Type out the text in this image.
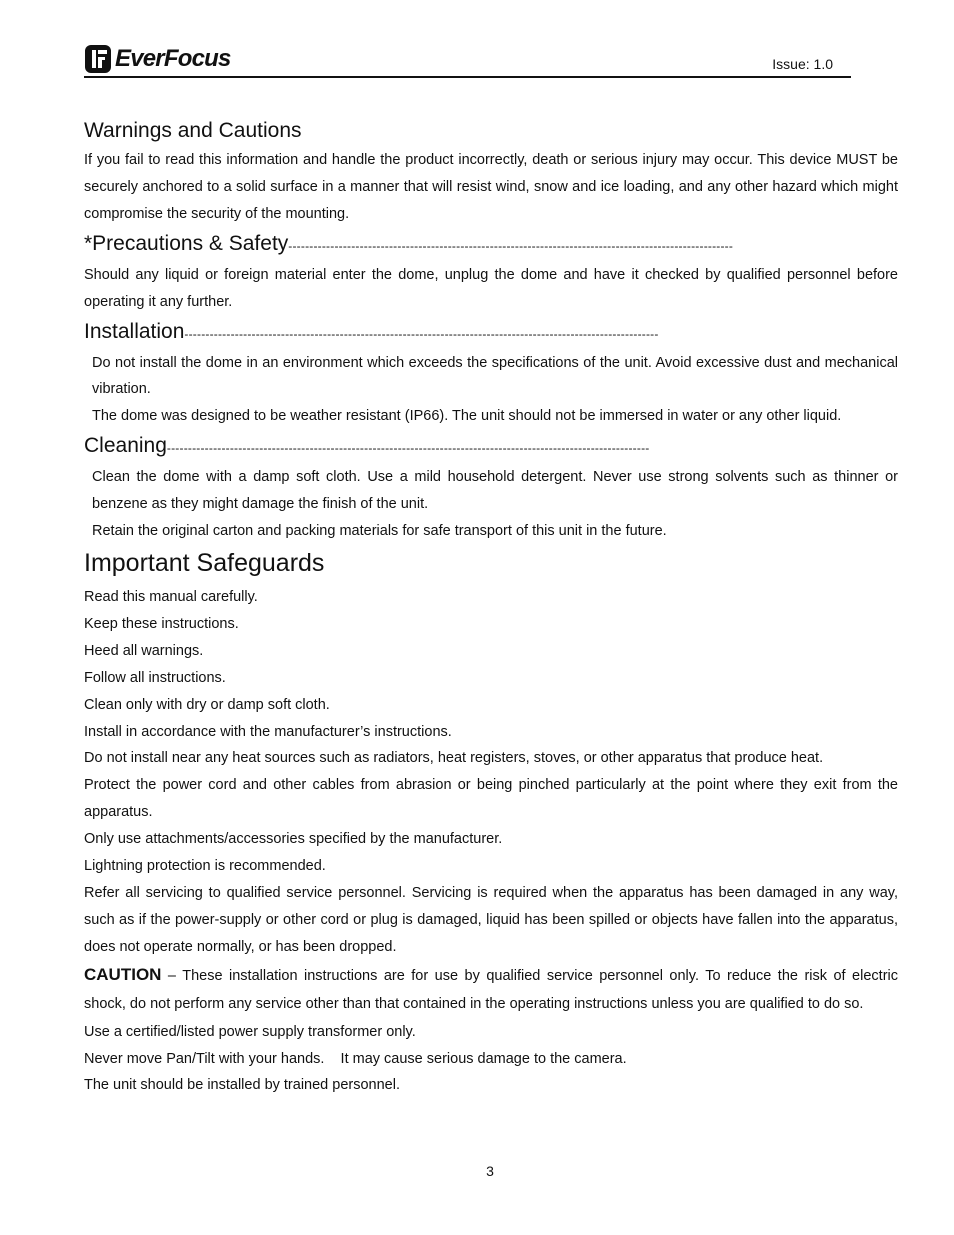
EverFocus	Issue: 1.0
Warnings and Cautions

If you fail to read this information and handle the product incorrectly, death or serious injury may occur. This device MUST be securely anchored to a solid surface in a manner that will resist wind, snow and ice loading, and any other hazard which might compromise the security of the mounting.

*Precautions & Safety----------------------------------------------------------------------------------------------------------

Should any liquid or foreign material enter the dome, unplug the dome and have it checked by qualified personnel before operating it any further.

Installation-----------------------------------------------------------------------------------------------------------------

Do not install the dome in an environment which exceeds the specifications of the unit. Avoid excessive dust and mechanical vibration.

The dome was designed to be weather resistant (IP66). The unit should not be immersed in water or any other liquid.

Cleaning-------------------------------------------------------------------------------------------------------------------

Clean the dome with a damp soft cloth. Use a mild household detergent. Never use strong solvents such as thinner or benzene as they might damage the finish of the unit.

Retain the original carton and packing materials for safe transport of this unit in the future.

Important Safeguards

Read this manual carefully.

Keep these instructions.

Heed all warnings.

Follow all instructions.

Clean only with dry or damp soft cloth.

Install in accordance with the manufacturer’s instructions.

Do not install near any heat sources such as radiators, heat registers, stoves, or other apparatus that produce heat.

Protect the power cord and other cables from abrasion or being pinched particularly at the point where they exit from the apparatus.

Only use attachments/accessories specified by the manufacturer.

Lightning protection is recommended.

Refer all servicing to qualified service personnel. Servicing is required when the apparatus has been damaged in any way, such as if the power-supply or other cord or plug is damaged, liquid has been spilled or objects have fallen into the apparatus, does not operate normally, or has been dropped.

CAUTION – These installation instructions are for use by qualified service personnel only. To reduce the risk of electric shock, do not perform any service other than that contained in the operating instructions unless you are qualified to do so.

Use a certified/listed power supply transformer only.

Never move Pan/Tilt with your hands.    It may cause serious damage to the camera.

The unit should be installed by trained personnel.

3
